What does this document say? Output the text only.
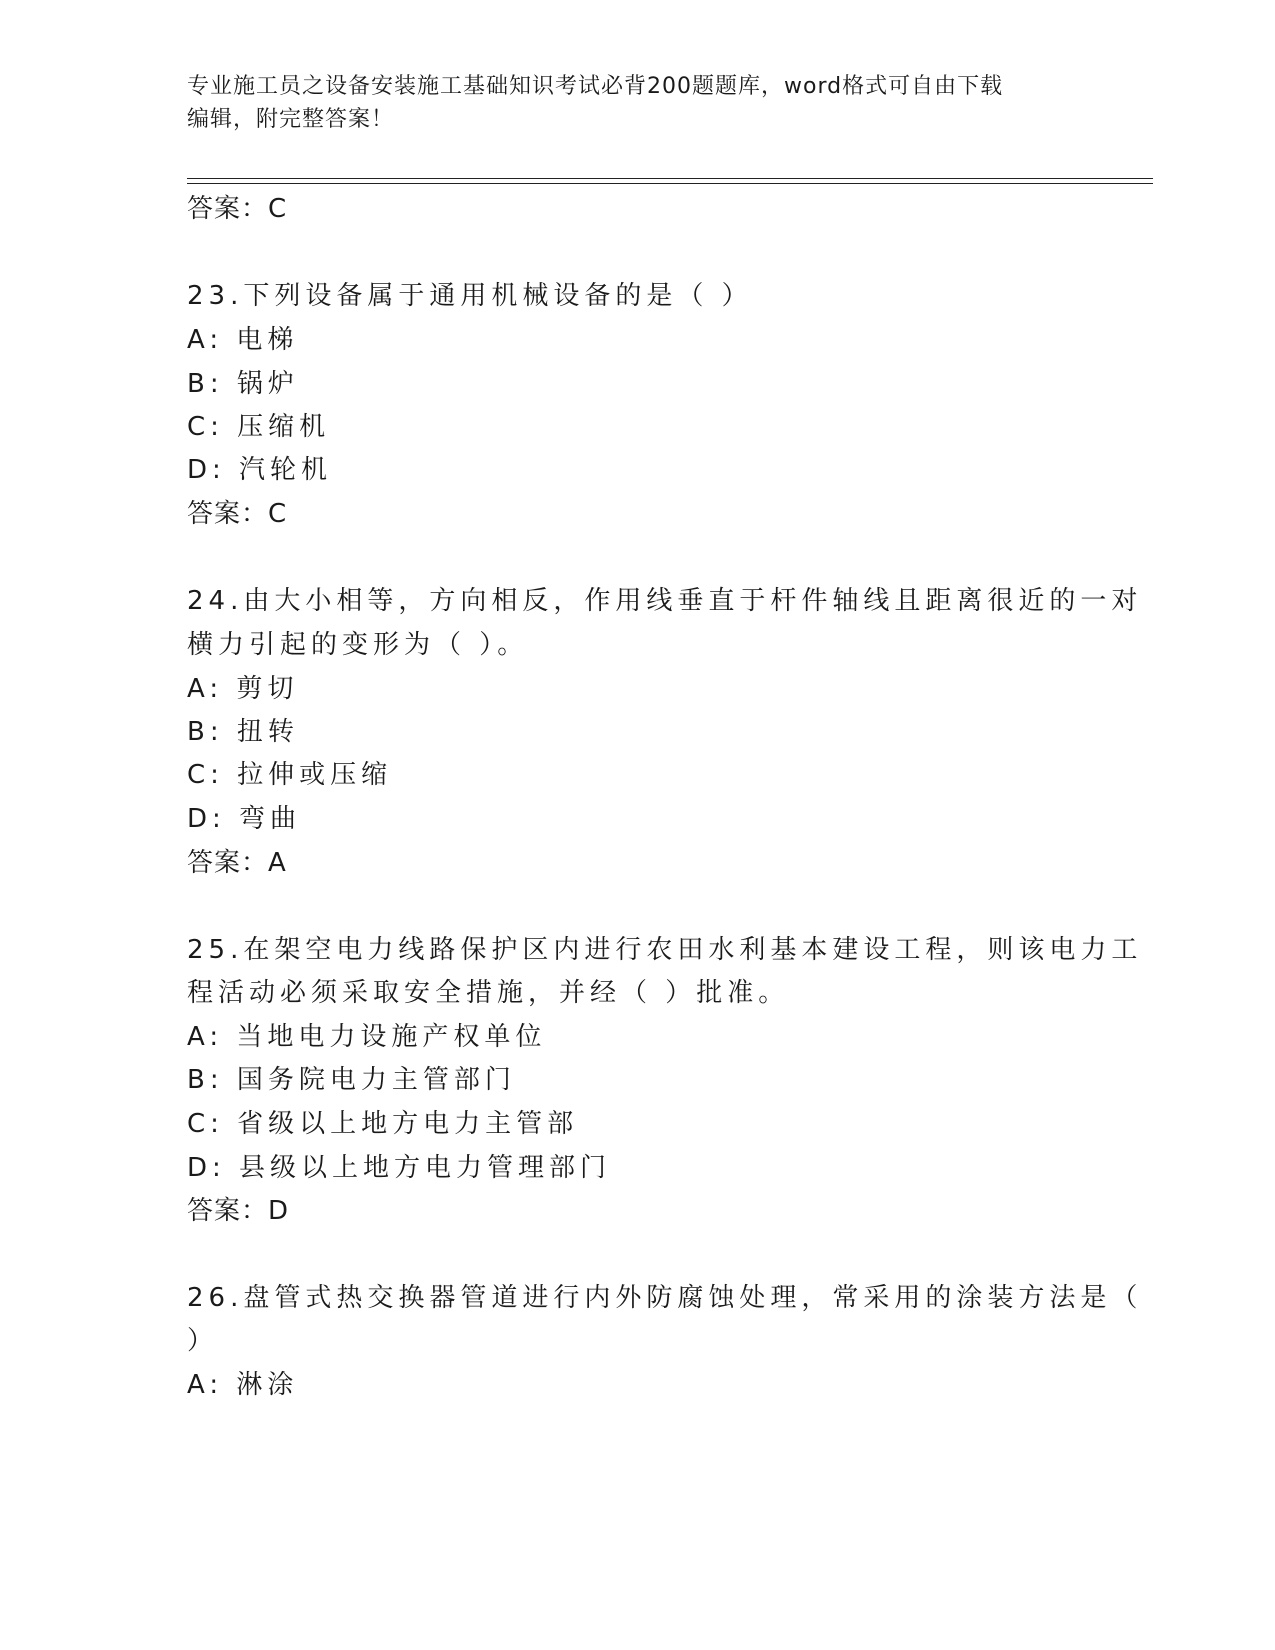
专业施工员之设备安装施工基础知识考试必背200题题库，word格式可自由下载
编辑，附完整答案！
答案：C
23.下列设备属于通用机械设备的是（ ）
A: 电梯
B: 锅炉
C: 压缩机
D: 汽轮机
答案：C
24.由大小相等，方向相反，作用线垂直于杆件轴线且距离很近的一对
横力引起的变形为（ ）。
A: 剪切
B: 扭转
C: 拉伸或压缩
D: 弯曲
答案：A
25.在架空电力线路保护区内进行农田水利基本建设工程，则该电力工
程活动必须采取安全措施，并经（ ）批准。
A: 当地电力设施产权单位
B: 国务院电力主管部门
C: 省级以上地方电力主管部
D: 县级以上地方电力管理部门
答案：D
26.盘管式热交换器管道进行内外防腐蚀处理，常采用的涂装方法是（
）
A: 淋涂
